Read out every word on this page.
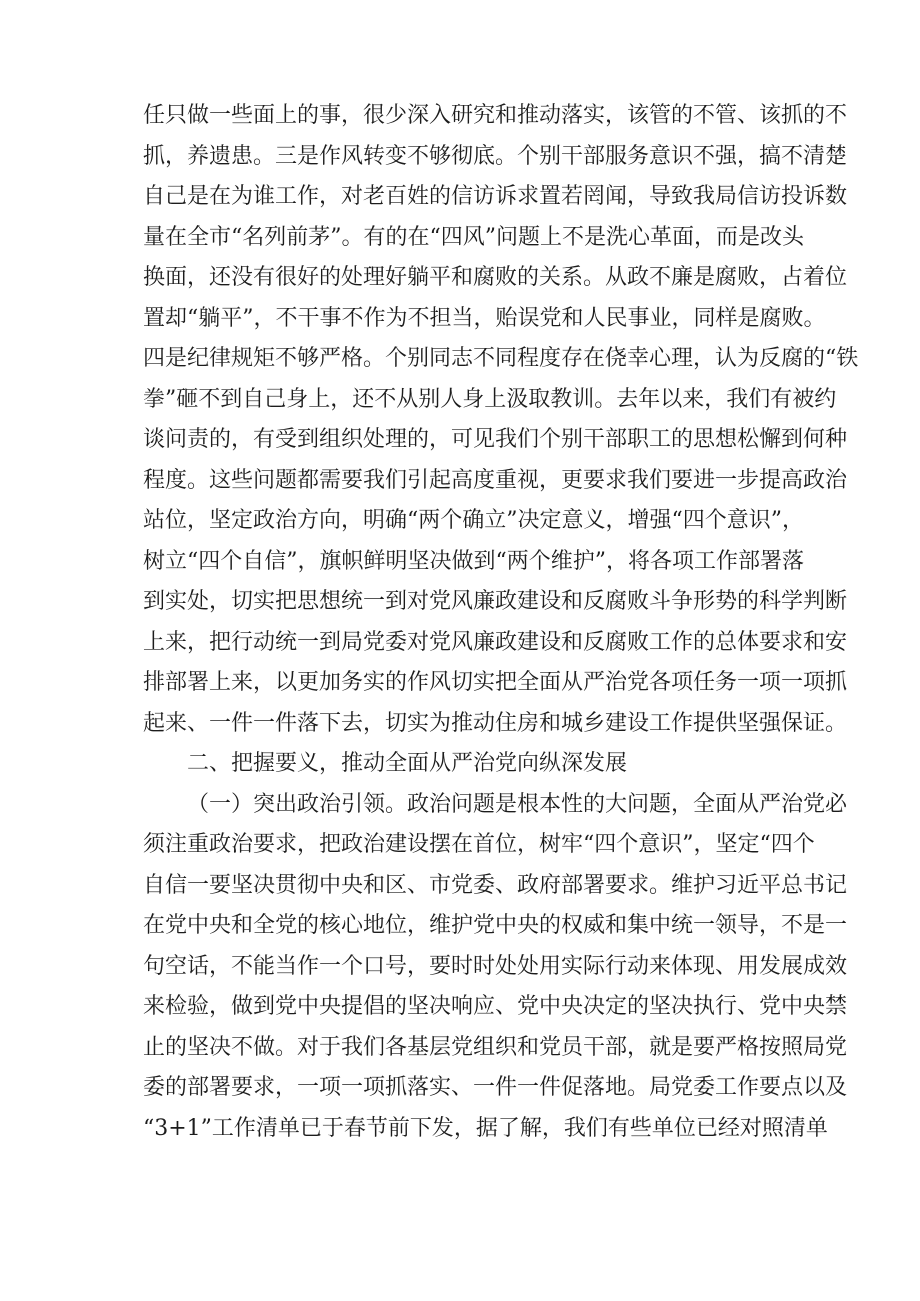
任只做一些面上的事，很少深入研究和推动落实，该管的不管、该抓的不
抓，养遗患。三是作风转变不够彻底。个别干部服务意识不强，搞不清楚
自己是在为谁工作，对老百姓的信访诉求置若罔闻，导致我局信访投诉数
量在全市“名列前茅”。有的在“四风”问题上不是洗心革面，而是改头
换面，还没有很好的处理好躺平和腐败的关系。从政不廉是腐败，占着位
置却“躺平”，不干事不作为不担当，贻误党和人民事业，同样是腐败。
四是纪律规矩不够严格。个别同志不同程度存在侥幸心理，认为反腐的“铁
拳”砸不到自己身上，还不从别人身上汲取教训。去年以来，我们有被约
谈问责的，有受到组织处理的，可见我们个别干部职工的思想松懈到何种
程度。这些问题都需要我们引起高度重视，更要求我们要进一步提高政治
站位，坚定政治方向，明确“两个确立”决定意义，增强“四个意识”，
树立“四个自信”，旗帜鲜明坚决做到“两个维护”，将各项工作部署落
到实处，切实把思想统一到对党风廉政建设和反腐败斗争形势的科学判断
上来，把行动统一到局党委对党风廉政建设和反腐败工作的总体要求和安
排部署上来，以更加务实的作风切实把全面从严治党各项任务一项一项抓
起来、一件一件落下去，切实为推动住房和城乡建设工作提供坚强保证。
二、把握要义，推动全面从严治党向纵深发展
（一）突出政治引领。政治问题是根本性的大问题，全面从严治党必
须注重政治要求，把政治建设摆在首位，树牢“四个意识”，坚定“四个
自信一要坚决贯彻中央和区、市党委、政府部署要求。维护习近平总书记
在党中央和全党的核心地位，维护党中央的权威和集中统一领导，不是一
句空话，不能当作一个口号，要时时处处用实际行动来体现、用发展成效
来检验，做到党中央提倡的坚决响应、党中央决定的坚决执行、党中央禁
止的坚决不做。对于我们各基层党组织和党员干部，就是要严格按照局党
委的部署要求，一项一项抓落实、一件一件促落地。局党委工作要点以及
“3+1”工作清单已于春节前下发，据了解，我们有些单位已经对照清单
